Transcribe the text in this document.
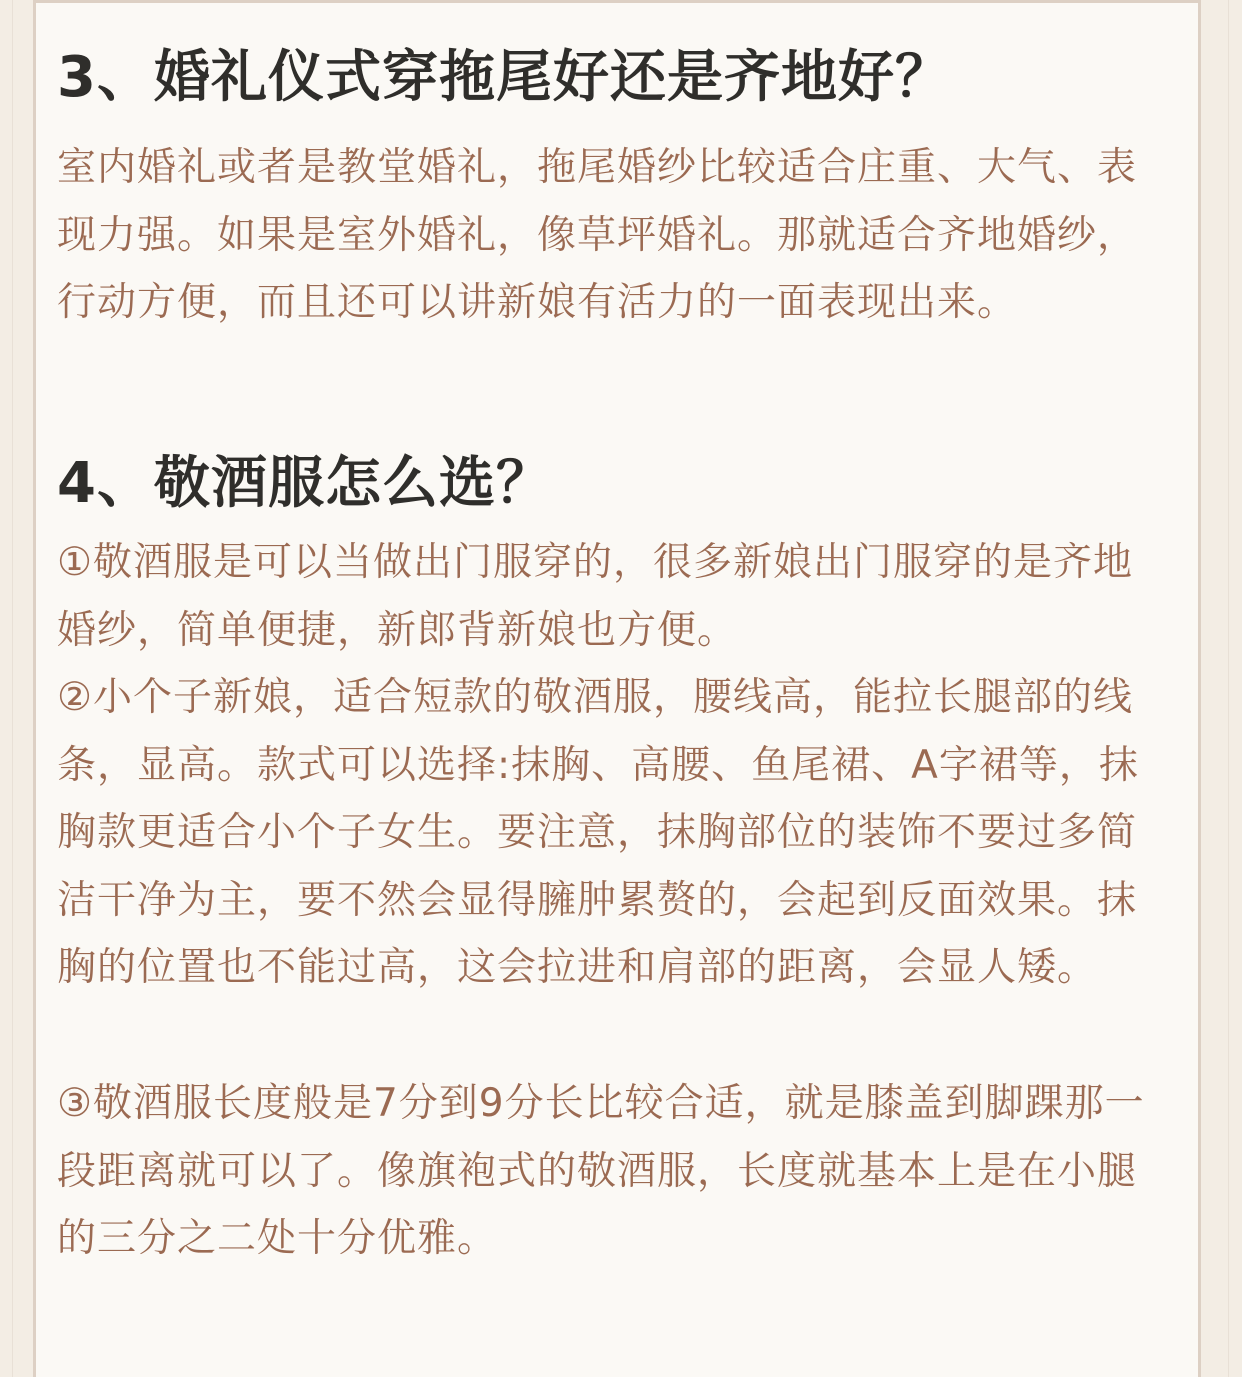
3、婚礼仪式穿拖尾好还是齐地好？

室内婚礼或者是教堂婚礼，拖尾婚纱比较适合庄重、大气、表现力强。如果是室外婚礼，像草坪婚礼。那就适合齐地婚纱，行动方便，而且还可以讲新娘有活力的一面表现出来。

4、敬酒服怎么选？

①敬酒服是可以当做出门服穿的，很多新娘出门服穿的是齐地婚纱，简单便捷，新郎背新娘也方便。

②小个子新娘，适合短款的敬酒服，腰线高，能拉长腿部的线条，显高。款式可以选择:抹胸、高腰、鱼尾裙、A字裙等，抹胸款更适合小个子女生。要注意，抹胸部位的装饰不要过多简洁干净为主，要不然会显得臃肿累赘的，会起到反面效果。抹胸的位置也不能过高，这会拉进和肩部的距离，会显人矮。

③敬酒服长度般是7分到9分长比较合适，就是膝盖到脚踝那一段距离就可以了。像旗袍式的敬酒服，长度就基本上是在小腿的三分之二处十分优雅。
